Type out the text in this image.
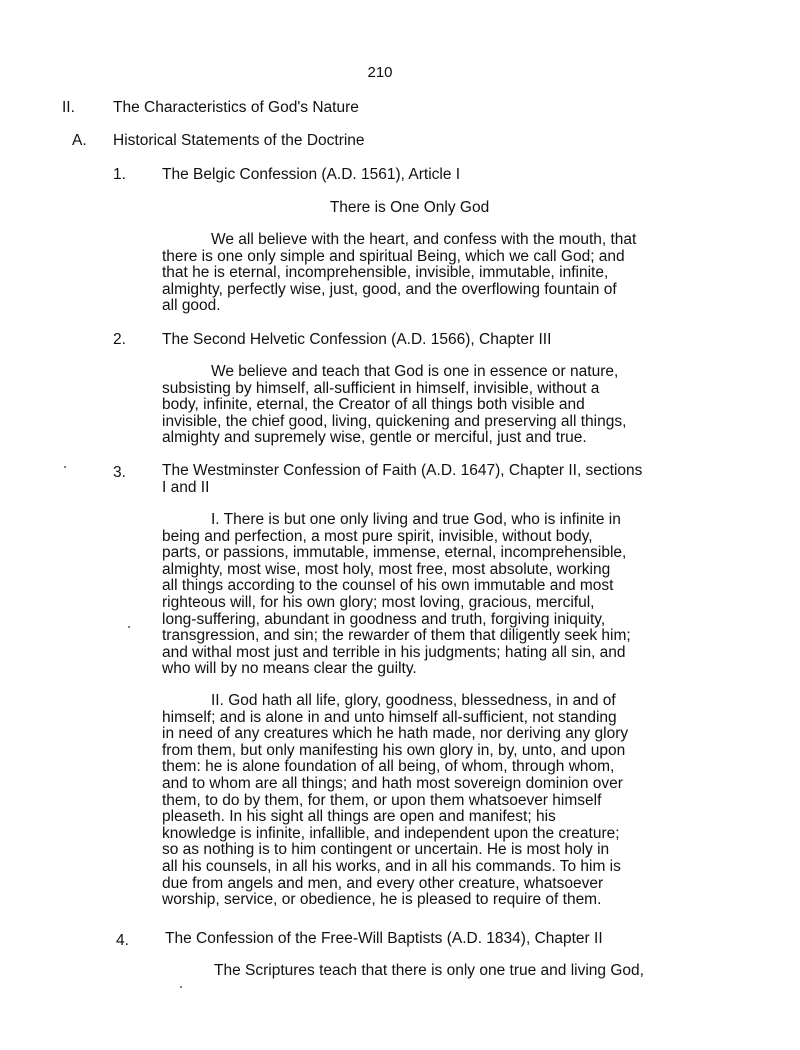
210
II. The Characteristics of God's Nature
A. Historical Statements of the Doctrine
1. The Belgic Confession (A.D. 1561), Article I
There is One Only God
We all believe with the heart, and confess with the mouth, that
there is one only simple and spiritual Being, which we call God; and
that he is eternal, incomprehensible, invisible, immutable, infinite,
almighty, perfectly wise, just, good, and the overflowing fountain of
all good.
2. The Second Helvetic Confession (A.D. 1566), Chapter III
We believe and teach that God is one in essence or nature,
subsisting by himself, all-sufficient in himself, invisible, without a
body, infinite, eternal, the Creator of all things both visible and
invisible, the chief good, living, quickening and preserving all things,
almighty and supremely wise, gentle or merciful, just and true.
3. The Westminster Confession of Faith (A.D. 1647), Chapter II, sections
I and II
I. There is but one only living and true God, who is infinite in
being and perfection, a most pure spirit, invisible, without body,
parts, or passions, immutable, immense, eternal, incomprehensible,
almighty, most wise, most holy, most free, most absolute, working
all things according to the counsel of his own immutable and most
righteous will, for his own glory; most loving, gracious, merciful,
long-suffering, abundant in goodness and truth, forgiving iniquity,
transgression, and sin; the rewarder of them that diligently seek him;
and withal most just and terrible in his judgments; hating all sin, and
who will by no means clear the guilty.
II. God hath all life, glory, goodness, blessedness, in and of
himself; and is alone in and unto himself all-sufficient, not standing
in need of any creatures which he hath made, nor deriving any glory
from them, but only manifesting his own glory in, by, unto, and upon
them: he is alone foundation of all being, of whom, through whom,
and to whom are all things; and hath most sovereign dominion over
them, to do by them, for them, or upon them whatsoever himself
pleaseth. In his sight all things are open and manifest; his
knowledge is infinite, infallible, and independent upon the creature;
so as nothing is to him contingent or uncertain. He is most holy in
all his counsels, in all his works, and in all his commands. To him is
due from angels and men, and every other creature, whatsoever
worship, service, or obedience, he is pleased to require of them.
4. The Confession of the Free-Will Baptists (A.D. 1834), Chapter II
The Scriptures teach that there is only one true and living God,
